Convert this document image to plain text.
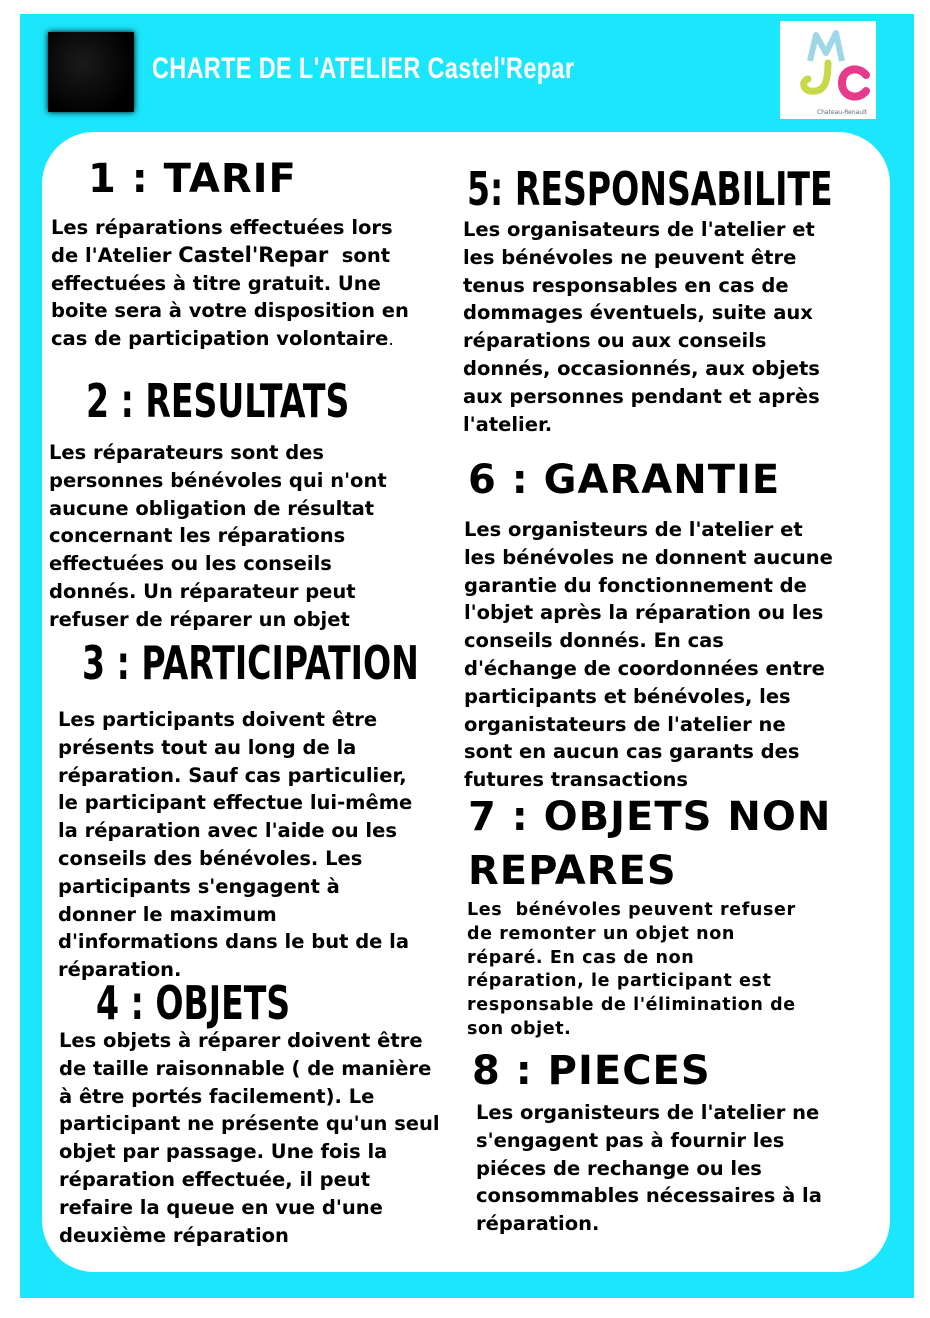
CHARTE DE L'ATELIER Castel'Repar
Chateau-Renault
MJC
1 : TARIF

Les réparations effectuées lors
de l'Atelier Castel'Repar  sont
effectuées à titre gratuit. Une
boite sera à votre disposition en
cas de participation volontaire.

2 : RESULTATS

Les réparateurs sont des
personnes bénévoles qui n'ont
aucune obligation de résultat
concernant les réparations
effectuées ou les conseils
donnés. Un réparateur peut
refuser de réparer un objet

3 : PARTICIPATION

Les participants doivent être
présents tout au long de la
réparation. Sauf cas particulier,
le participant effectue lui-même
la réparation avec l'aide ou les
conseils des bénévoles. Les
participants s'engagent à
donner le maximum
d'informations dans le but de la
réparation.

4 : OBJETS

Les objets à réparer doivent être
de taille raisonnable ( de manière
à être portés facilement). Le
participant ne présente qu'un seul
objet par passage. Une fois la
réparation effectuée, il peut
refaire la queue en vue d'une
deuxième réparation

5: RESPONSABILITE

Les organisateurs de l'atelier et
les bénévoles ne peuvent être
tenus responsables en cas de
dommages éventuels, suite aux
réparations ou aux conseils
donnés, occasionnés, aux objets
aux personnes pendant et après
l'atelier.

6 : GARANTIE

Les organisteurs de l'atelier et
les bénévoles ne donnent aucune
garantie du fonctionnement de
l'objet après la réparation ou les
conseils donnés. En cas
d'échange de coordonnées entre
participants et bénévoles, les
organistateurs de l'atelier ne
sont en aucun cas garants des
futures transactions

7 : OBJETS NON
REPARES

Les  bénévoles peuvent refuser
de remonter un objet non
réparé. En cas de non
réparation, le participant est
responsable de l'élimination de
son objet.

8 : PIECES

Les organisteurs de l'atelier ne
s'engagent pas à fournir les
piéces de rechange ou les
consommables nécessaires à la
réparation.
